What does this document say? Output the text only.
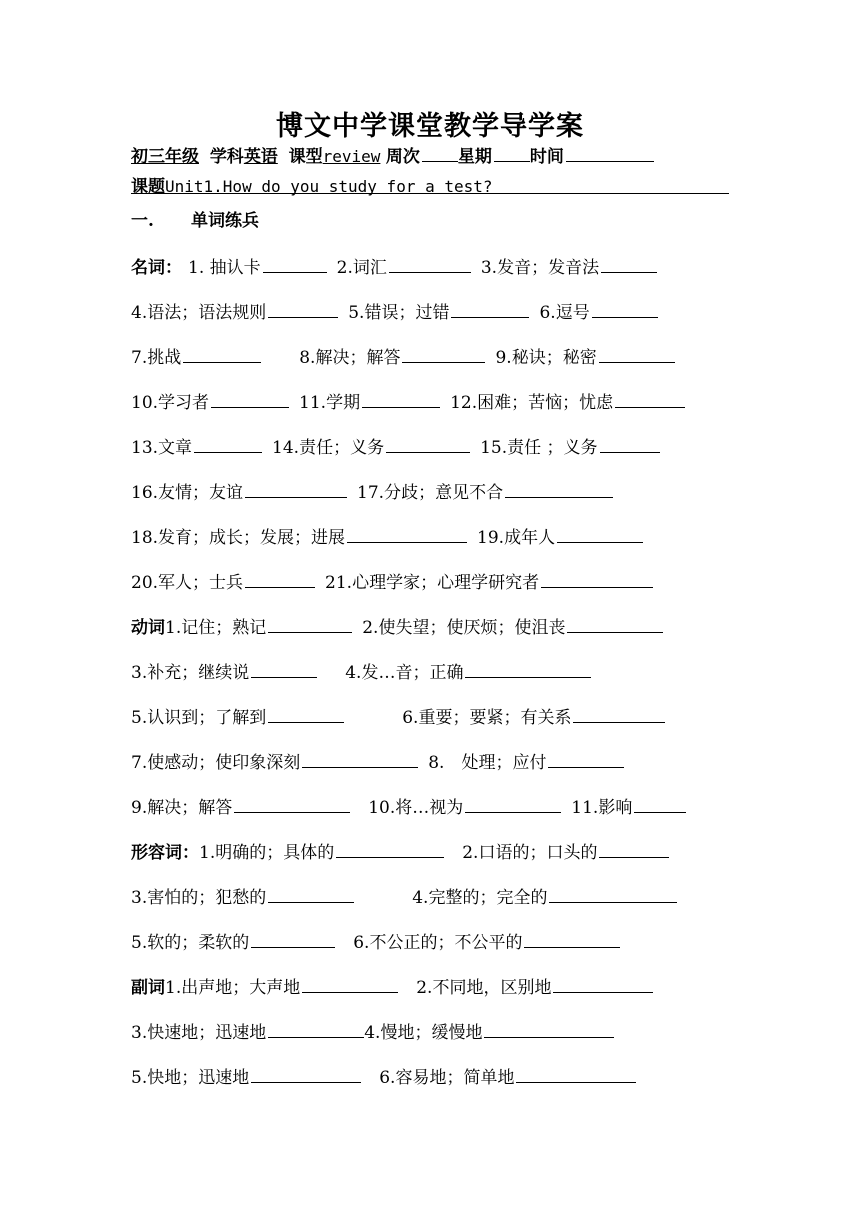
博文中学课堂教学导学案
初三年级 学科英语 课型review 周次 星期 时间
课题Unit1.How do you study for a test?
一. 单词练兵
名词： 1. 抽认卡	2.词汇	3.发音；发音法
4.语法；语法规则	5.错误；过错	6.逗号
7.挑战	8.解决；解答	9.秘诀；秘密
10.学习者	11.学期	12.困难；苦恼；忧虑
13.文章	14.责任；义务	15.责任 ；义务
16.友情；友谊	17.分歧；意见不合
18.发育；成长；发展；进展	19.成年人
20.军人；士兵	21.心理学家；心理学研究者
动词1.记住；熟记	2.使失望；使厌烦；使沮丧
3.补充；继续说	4.发…音；正确
5.认识到；了解到	6.重要；要紧；有关系
7.使感动；使印象深刻	8.　处理；应付
9.解决；解答	10.将…视为	11.影响
形容词：1.明确的；具体的	2.口语的；口头的
3.害怕的；犯愁的	4.完整的；完全的
5.软的；柔软的	6.不公正的；不公平的
副词1.出声地；大声地	2.不同地，区别地
3.快速地；迅速地	4.慢地；缓慢地
5.快地；迅速地	6.容易地；简单地
